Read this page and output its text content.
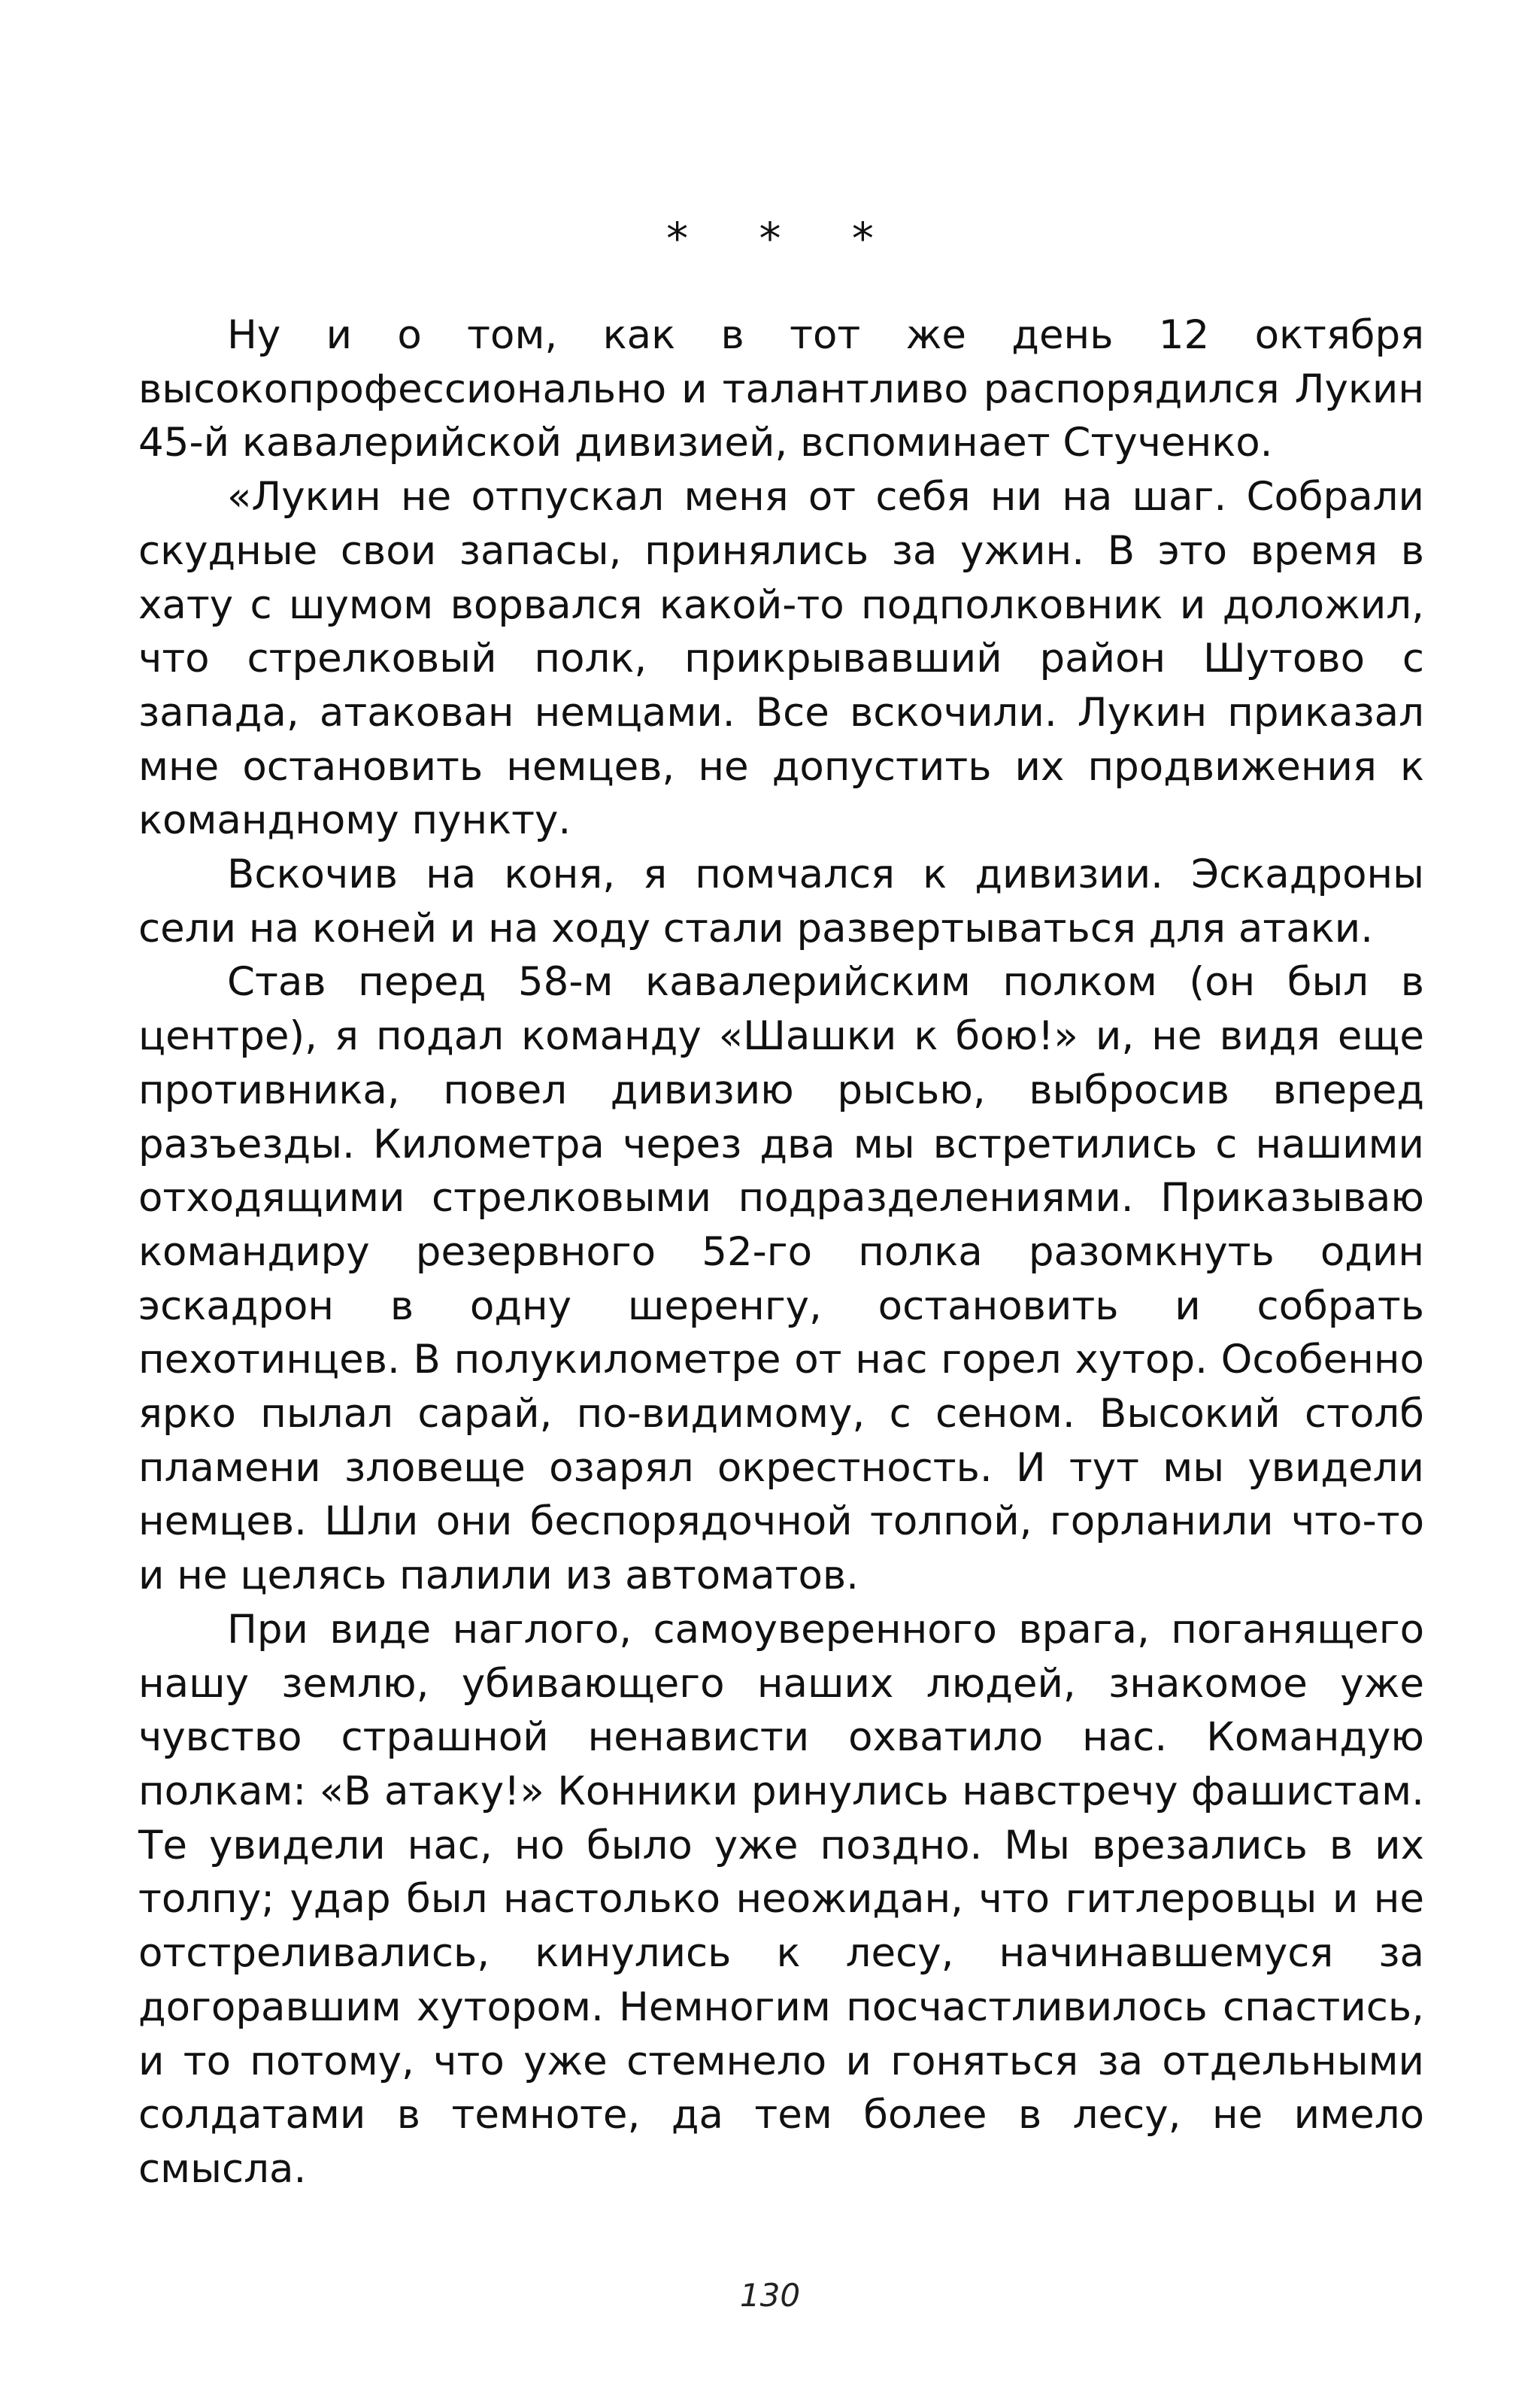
* * *

Ну и о том, как в тот же день 12 октября высокопрофессионально и талантливо распорядился Лукин 45-й кавалерийской дивизией, вспоминает Стученко.

«Лукин не отпускал меня от себя ни на шаг. Собрали скудные свои запасы, принялись за ужин. В это время в хату с шумом ворвался какой-то подполковник и доложил, что стрелковый полк, прикрывавший район Шутово с запада, атакован немцами. Все вскочили. Лукин приказал мне остановить немцев, не допустить их продвижения к командному пункту.

Вскочив на коня, я помчался к дивизии. Эскадроны сели на коней и на ходу стали развертываться для атаки.

Став перед 58-м кавалерийским полком (он был в центре), я подал команду «Шашки к бою!» и, не видя еще противника, повел дивизию рысью, выбросив вперед разъезды. Километра через два мы встретились с нашими отходящими стрелковыми подразделениями. Приказываю командиру резервного 52-го полка разомкнуть один эскадрон в одну шеренгу, остановить и собрать пехотинцев. В полукилометре от нас горел хутор. Особенно ярко пылал сарай, по-видимому, с сеном. Высокий столб пламени зловеще озарял окрестность. И тут мы увидели немцев. Шли они беспорядочной толпой, горланили что-то и не целясь палили из автоматов.

При виде наглого, самоуверенного врага, поганящего нашу землю, убивающего наших людей, знакомое уже чувство страшной ненависти охватило нас. Командую полкам: «В атаку!» Конники ринулись навстречу фашистам. Те увидели нас, но было уже поздно. Мы врезались в их толпу; удар был настолько неожидан, что гитлеровцы и не отстреливались, кинулись к лесу, начинавшемуся за догоравшим хутором. Немногим посчастливилось спастись, и то потому, что уже стемнело и гоняться за отдельными солдатами в темноте, да тем более в лесу, не имело смысла.

130
